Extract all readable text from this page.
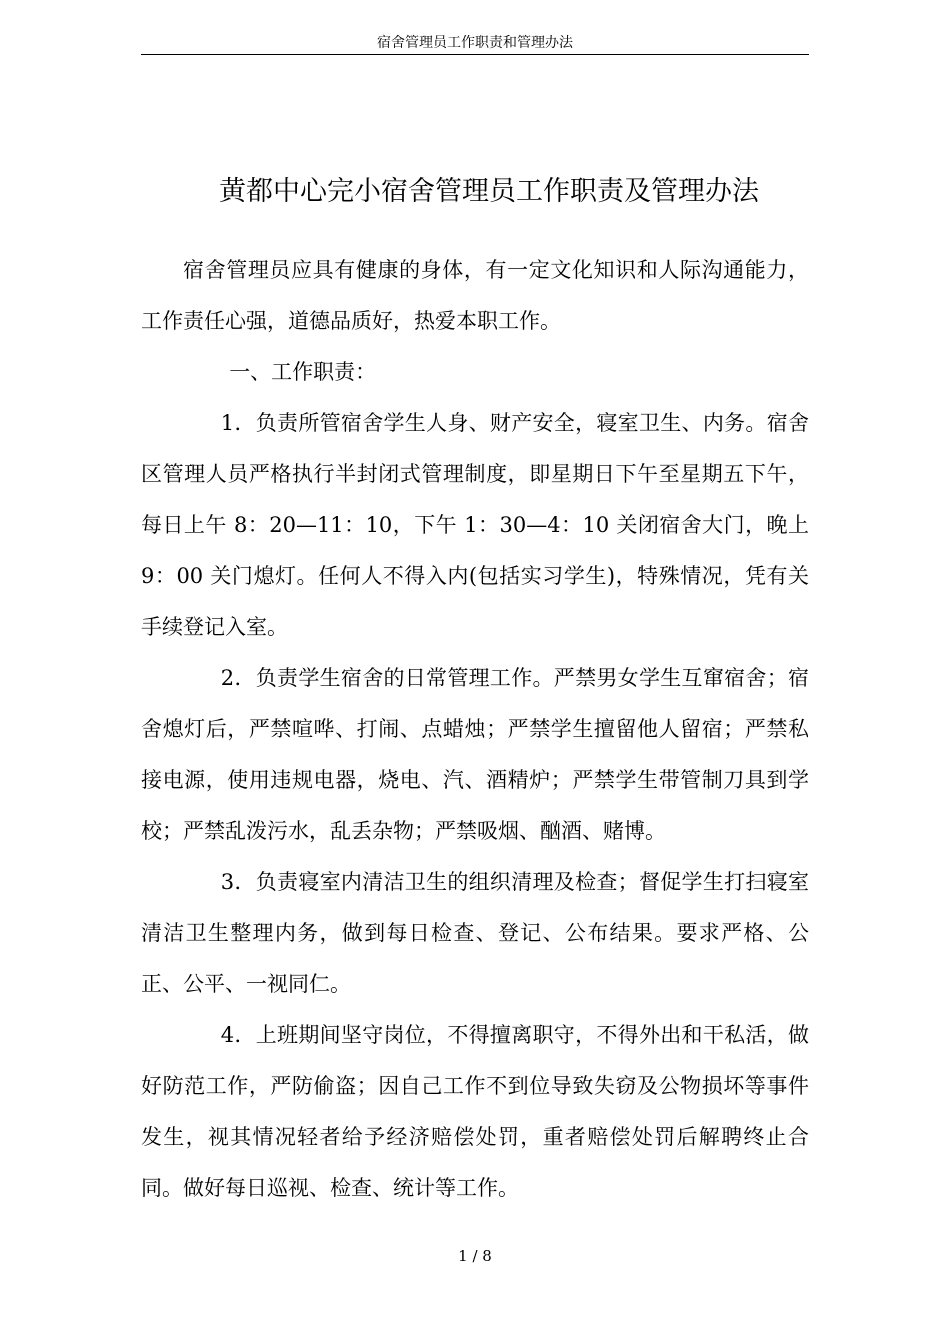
宿舍管理员工作职责和管理办法
黄都中心完小宿舍管理员工作职责及管理办法

宿舍管理员应具有健康的身体，有一定文化知识和人际沟通能力，工作责任心强，道德品质好，热爱本职工作。

一、工作职责：

1．负责所管宿舍学生人身、财产安全，寝室卫生、内务。宿舍区管理人员严格执行半封闭式管理制度，即星期日下午至星期五下午，每日上午 8：20—11：10，下午 1：30—4：10 关闭宿舍大门，晚上 9：00 关门熄灯。任何人不得入内(包括实习学生)，特殊情况，凭有关手续登记入室。

2．负责学生宿舍的日常管理工作。严禁男女学生互窜宿舍；宿舍熄灯后，严禁喧哗、打闹、点蜡烛；严禁学生擅留他人留宿；严禁私接电源，使用违规电器，烧电、汽、酒精炉；严禁学生带管制刀具到学校；严禁乱泼污水，乱丢杂物；严禁吸烟、酗酒、赌博。

3．负责寝室内清洁卫生的组织清理及检查；督促学生打扫寝室清洁卫生整理内务，做到每日检查、登记、公布结果。要求严格、公正、公平、一视同仁。

4．上班期间坚守岗位，不得擅离职守，不得外出和干私活，做好防范工作，严防偷盗；因自己工作不到位导致失窃及公物损坏等事件发生，视其情况轻者给予经济赔偿处罚，重者赔偿处罚后解聘终止合同。做好每日巡视、检查、统计等工作。

1 / 8
